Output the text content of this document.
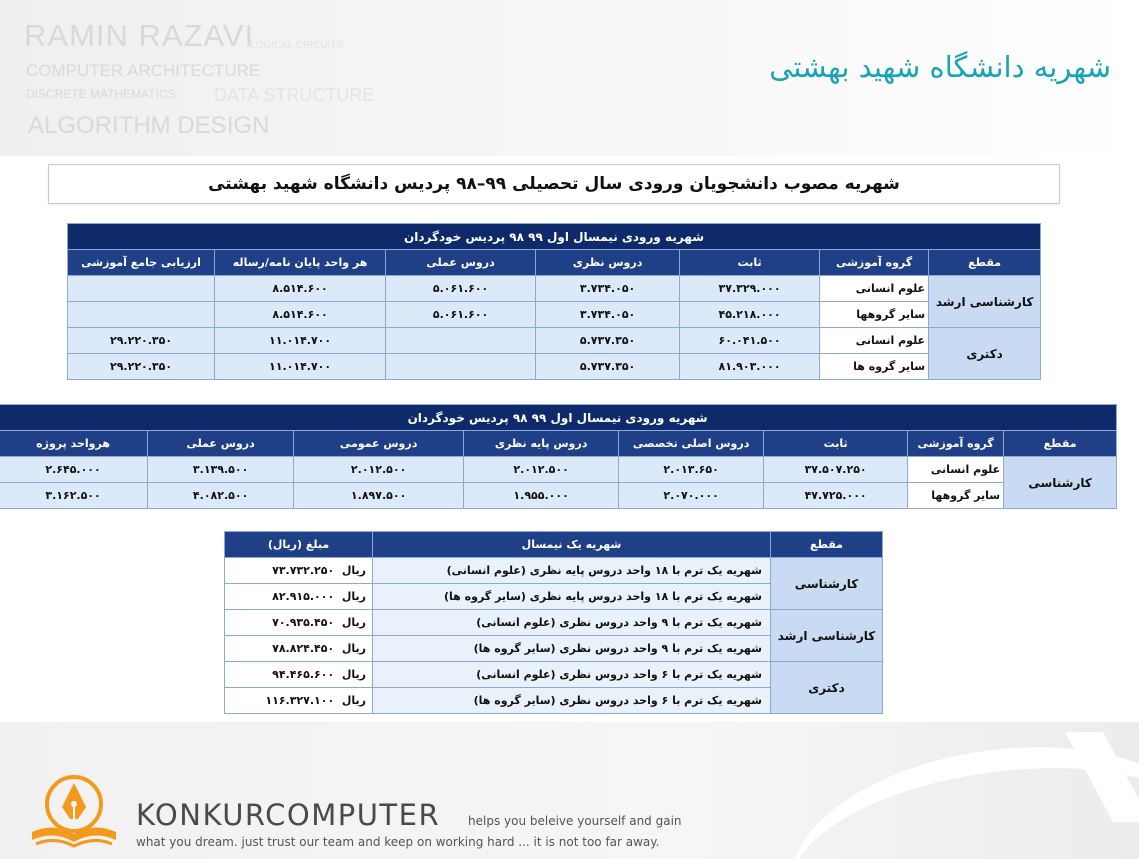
RAMIN RAZAVI
LOGICAL CIRCUITS
COMPUTER ARCHITECTURE
DISCRETE MATHEMATICS DATA STRUCTURE
ALGORITHM DESIGN
شهریه دانشگاه شهید بهشتی
شهریه مصوب دانشجویان ورودی سال تحصیلی ۹۹–۹۸ پردیس دانشگاه شهید بهشتی
شهریه ورودی نیمسال اول ۹۹ ۹۸ پردیس خودگردان						
مقطع	گروه آموزشی	ثابت	دروس نظری	دروس عملی	هر واحد پایان نامه/رساله	ارزیابی جامع آموزشی
کارشناسی ارشد	علوم انسانی	۳۷.۳۲۹.۰۰۰	۳.۷۳۴.۰۵۰	۵.۰۶۱.۶۰۰	۸.۵۱۴.۶۰۰	
	سایر گروهها	۴۵.۲۱۸.۰۰۰	۳.۷۳۴.۰۵۰	۵.۰۶۱.۶۰۰	۸.۵۱۴.۶۰۰	
دکتری	علوم انسانی	۶۰.۰۴۱.۵۰۰	۵.۷۳۷.۳۵۰		۱۱.۰۱۴.۷۰۰	۲۹.۲۲۰.۳۵۰
	سایر گروه ها	۸۱.۹۰۳.۰۰۰	۵.۷۳۷.۳۵۰		۱۱.۰۱۴.۷۰۰	۲۹.۲۲۰.۳۵۰
شهریه ورودی نیمسال اول ۹۹ ۹۸ پردیس خودگردان							
مقطع	گروه آموزشی	ثابت	دروس اصلی تخصصی	دروس پایه نظری	دروس عمومی	دروس عملی	هرواحد پروژه
کارشناسی	علوم انسانی	۳۷.۵۰۷.۲۵۰	۲.۰۱۳.۶۵۰	۲.۰۱۲.۵۰۰	۲.۰۱۲.۵۰۰	۳.۱۳۹.۵۰۰	۲.۶۴۵.۰۰۰
	سایر گروهها	۴۷.۷۲۵.۰۰۰	۲.۰۷۰.۰۰۰	۱.۹۵۵.۰۰۰	۱.۸۹۷.۵۰۰	۴.۰۸۲.۵۰۰	۳.۱۶۲.۵۰۰
مقطع	شهریه یک نیمسال	مبلغ (ریال)
کارشناسی	شهریه یک ترم با ۱۸ واحد دروس پایه نظری (علوم انسانی)	ریال  ۷۳.۷۳۲.۲۵۰
	شهریه یک ترم با ۱۸ واحد دروس پایه نظری (سایر گروه ها)	ریال  ۸۲.۹۱۵.۰۰۰
کارشناسی ارشد	شهریه یک ترم با ۹ واحد دروس نظری (علوم انسانی)	ریال  ۷۰.۹۳۵.۴۵۰
	شهریه یک ترم با ۹ واحد دروس نظری (سایر گروه ها)	ریال  ۷۸.۸۲۴.۴۵۰
دکتری	شهریه یک ترم با ۶ واحد دروس نظری (علوم انسانی)	ریال  ۹۴.۴۶۵.۶۰۰
	شهریه یک ترم با ۶ واحد دروس نظری (سایر گروه ها)	ریال  ۱۱۶.۳۲۷.۱۰۰
KONKURCOMPUTER helps you beleive yourself and gain
what you dream. just trust our team and keep on working hard ... it is not too far away.
